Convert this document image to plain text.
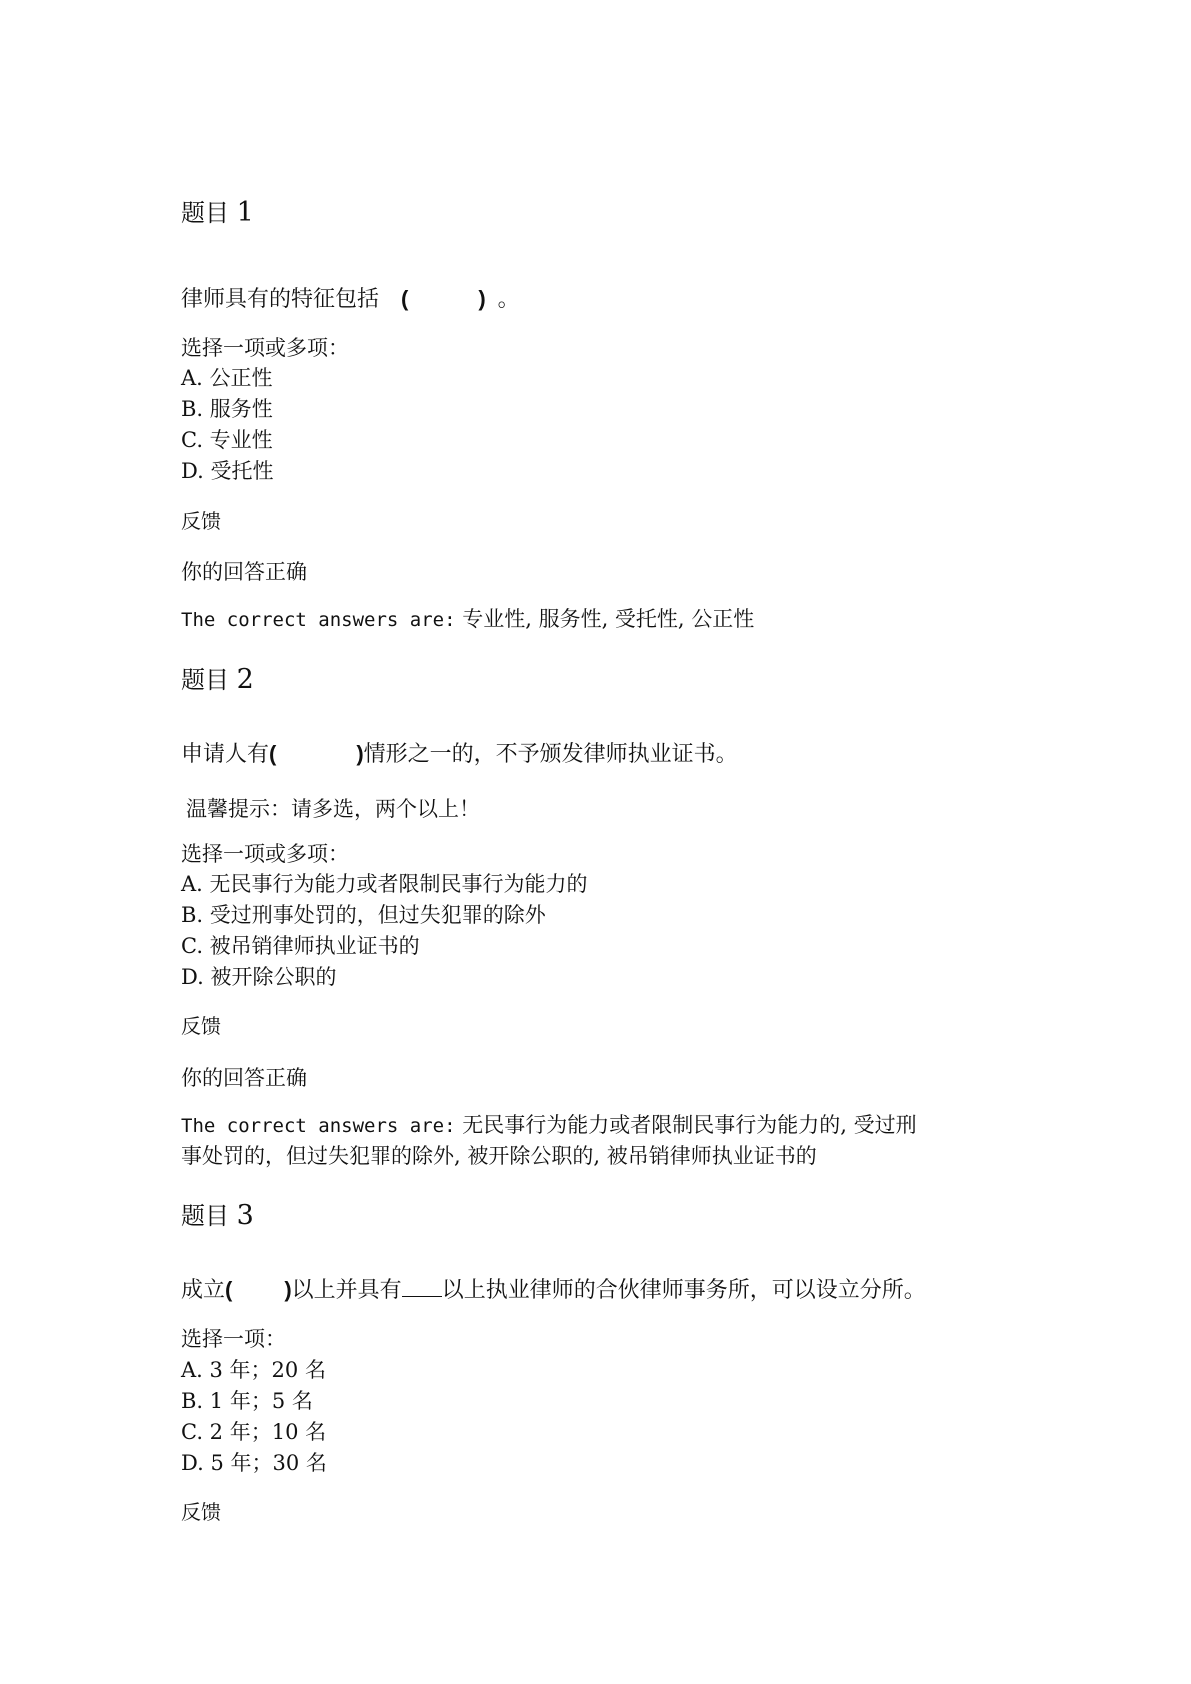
题目 1
律师具有的特征包括 (	) 。
选择一项或多项：
A. 公正性
B. 服务性
C. 专业性
D. 受托性
反馈
你的回答正确
The correct answers are: 专业性, 服务性, 受托性, 公正性
题目 2
申请人有(	)情形之一的，不予颁发律师执业证书。
温馨提示：请多选，两个以上！
选择一项或多项：
A. 无民事行为能力或者限制民事行为能力的
B. 受过刑事处罚的，但过失犯罪的除外
C. 被吊销律师执业证书的
D. 被开除公职的
反馈
你的回答正确
The correct answers are: 无民事行为能力或者限制民事行为能力的, 受过刑
事处罚的，但过失犯罪的除外, 被开除公职的, 被吊销律师执业证书的
题目 3
成立( )以上并具有 以上执业律师的合伙律师事务所，可以设立分所。
选择一项：
A. 3 年；20 名
B. 1 年；5 名
C. 2 年；10 名
D. 5 年；30 名
反馈
